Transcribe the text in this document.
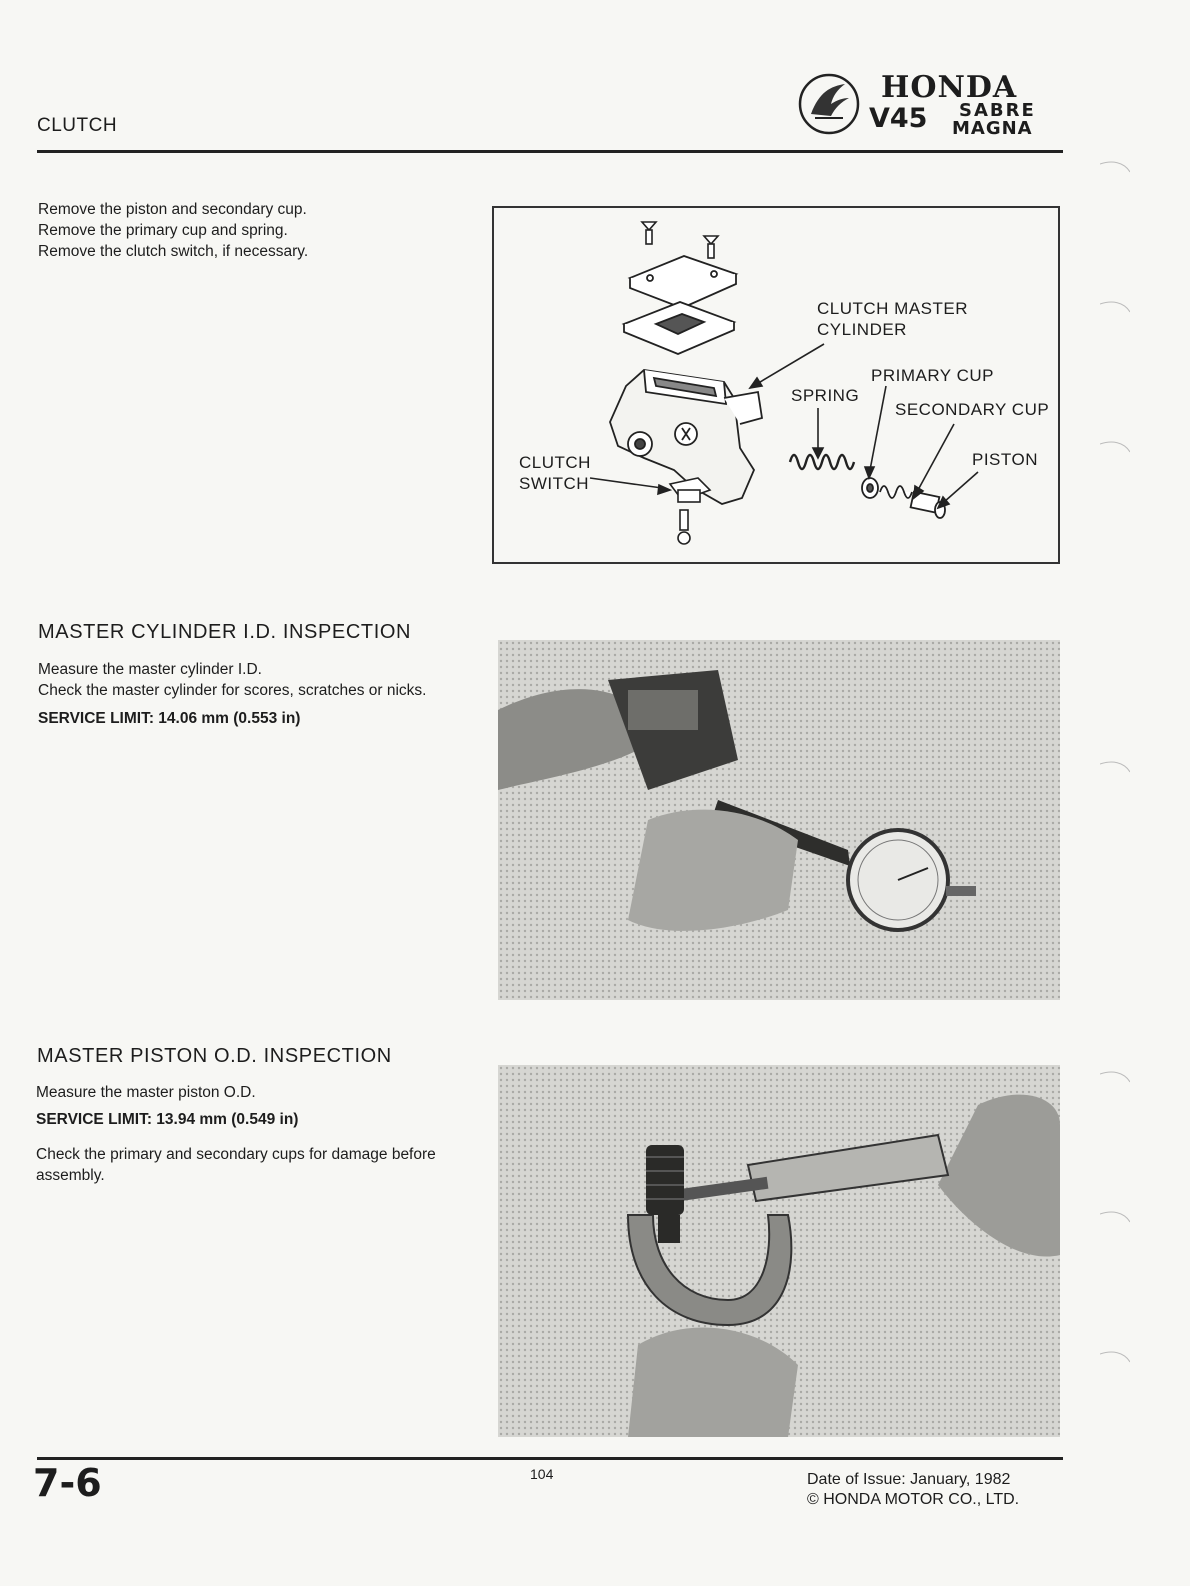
CLUTCH
HONDA
V45 SABRE
MAGNA
Remove the piston and secondary cup.
Remove the primary cup and spring.
Remove the clutch switch, if necessary.
CLUTCH MASTER
CYLINDER
PRIMARY CUP
SPRING
SECONDARY CUP
PISTON
CLUTCH
SWITCH
MASTER CYLINDER I.D. INSPECTION
Measure the master cylinder I.D.
Check the master cylinder for scores, scratches or nicks.
SERVICE LIMIT: 14.06 mm (0.553 in)
MASTER PISTON O.D. INSPECTION
Measure the master piston O.D.
SERVICE LIMIT: 13.94 mm (0.549 in)
Check the primary and secondary cups for damage before assembly.
7-6	104	Date of Issue: January, 1982
© HONDA MOTOR CO., LTD.
